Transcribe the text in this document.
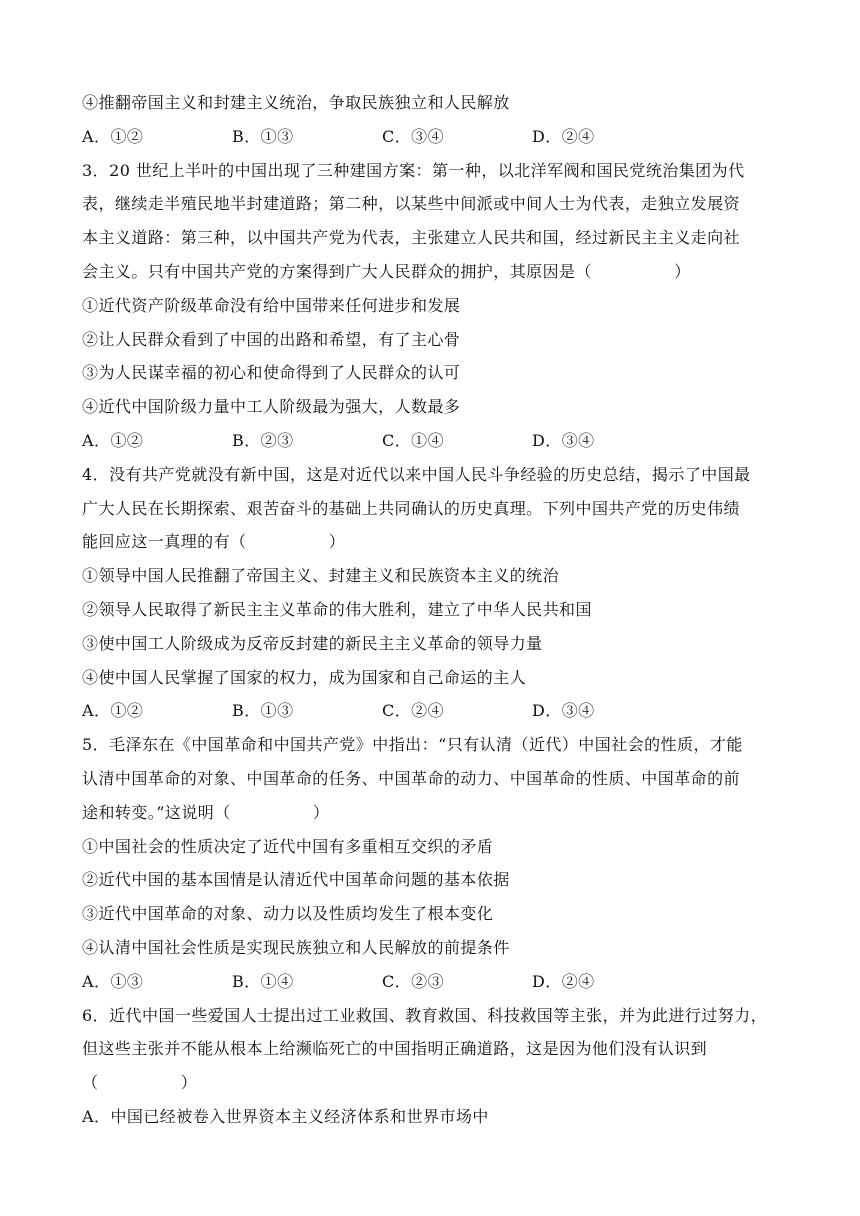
④推翻帝国主义和封建主义统治，争取民族独立和人民解放
A．①②	B．①③	C．③④	D．②④
3．20 世纪上半叶的中国出现了三种建国方案：第一种，以北洋军阀和国民党统治集团为代
表，继续走半殖民地半封建道路；第二种，以某些中间派或中间人士为代表，走独立发展资
本主义道路：第三种，以中国共产党为代表，主张建立人民共和国，经过新民主主义走向社
会主义。只有中国共产党的方案得到广大人民群众的拥护，其原因是（　　　　　）
①近代资产阶级革命没有给中国带来任何进步和发展
②让人民群众看到了中国的出路和希望，有了主心骨
③为人民谋幸福的初心和使命得到了人民群众的认可
④近代中国阶级力量中工人阶级最为强大，人数最多
A．①②	B．②③	C．①④	D．③④
4．没有共产党就没有新中国，这是对近代以来中国人民斗争经验的历史总结，揭示了中国最
广大人民在长期探索、艰苦奋斗的基础上共同确认的历史真理。下列中国共产党的历史伟绩
能回应这一真理的有（　　　　　）
①领导中国人民推翻了帝国主义、封建主义和民族资本主义的统治
②领导人民取得了新民主主义革命的伟大胜利，建立了中华人民共和国
③使中国工人阶级成为反帝反封建的新民主主义革命的领导力量
④使中国人民掌握了国家的权力，成为国家和自己命运的主人
A．①②	B．①③	C．②④	D．③④
5．毛泽东在《中国革命和中国共产党》中指出：“只有认清（近代）中国社会的性质，才能
认清中国革命的对象、中国革命的任务、中国革命的动力、中国革命的性质、中国革命的前
途和转变。”这说明（　　　　　）
①中国社会的性质决定了近代中国有多重相互交织的矛盾
②近代中国的基本国情是认清近代中国革命问题的基本依据
③近代中国革命的对象、动力以及性质均发生了根本变化
④认清中国社会性质是实现民族独立和人民解放的前提条件
A．①③	B．①④	C．②③	D．②④
6．近代中国一些爱国人士提出过工业救国、教育救国、科技救国等主张，并为此进行过努力，
但这些主张并不能从根本上给濒临死亡的中国指明正确道路，这是因为他们没有认识到
（　　　　　）
A．中国已经被卷入世界资本主义经济体系和世界市场中
